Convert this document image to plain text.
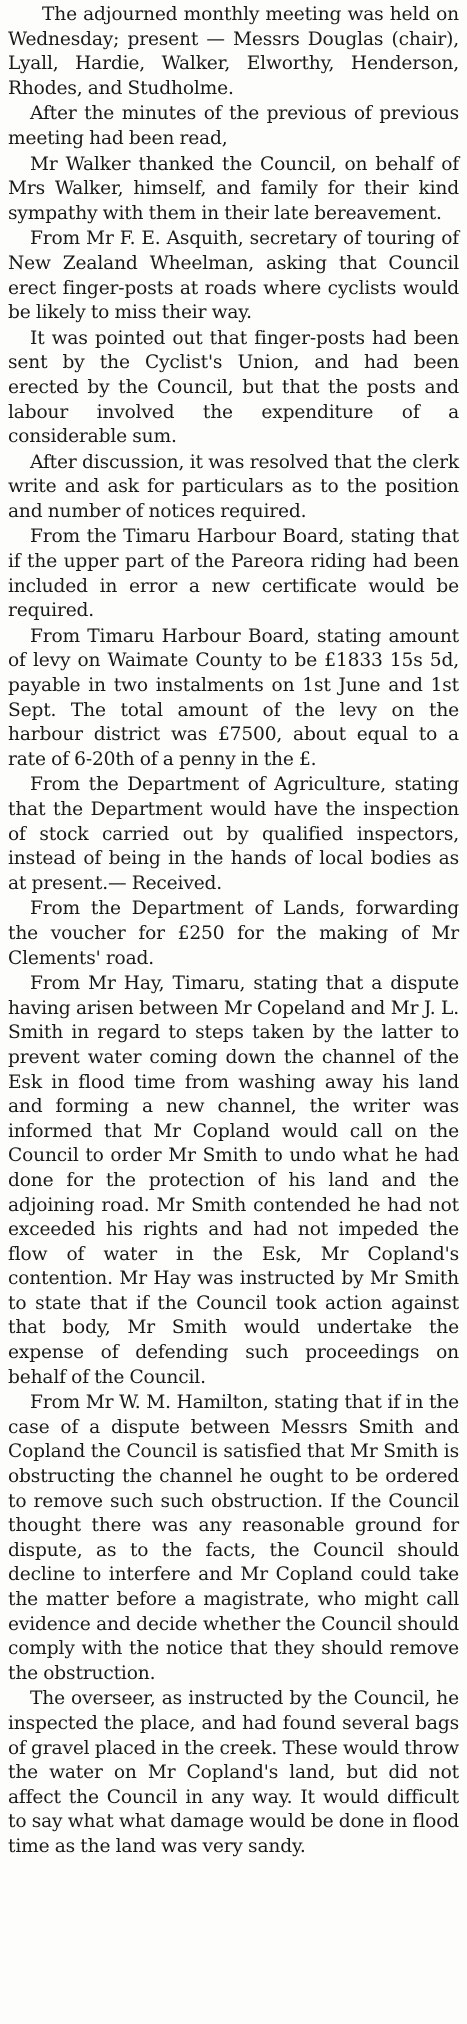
The adjourned monthly meeting was held on Wednesday; present — Messrs Douglas (chair), Lyall, Hardie, Walker, Elworthy, Henderson, Rhodes, and Studholme.

After the minutes of the previous of previous meeting had been read,

Mr Walker thanked the Council, on behalf of Mrs Walker, himself, and family for their kind sympathy with them in their late bereavement.

From Mr F. E. Asquith, secretary of touring of New Zealand Wheelman, asking that Council erect finger-posts at roads where cyclists would be likely to miss their way.

It was pointed out that finger-posts had been sent by the Cyclist's Union, and had been erected by the Council, but that the posts and labour involved the expenditure of a considerable sum.

After discussion, it was resolved that the clerk write and ask for particulars as to the position and number of notices required.

From the Timaru Harbour Board, stating that if the upper part of the Pareora riding had been included in error a new certificate would be required.

From Timaru Harbour Board, stating amount of levy on Waimate County to be £1833 15s 5d, payable in two instalments on 1st June and 1st Sept. The total amount of the levy on the harbour district was £7500, about equal to a rate of 6-20th of a penny in the £.

From the Department of Agriculture, stating that the Department would have the inspection of stock carried out by qualified inspectors, instead of being in the hands of local bodies as at present.— Received.

From the Department of Lands, forwarding the voucher for £250 for the making of Mr Clements' road.

From Mr Hay, Timaru, stating that a dispute having arisen between Mr Copeland and Mr J. L. Smith in regard to steps taken by the latter to prevent water coming down the channel of the Esk in flood time from washing away his land and forming a new channel, the writer was informed that Mr Copland would call on the Council to order Mr Smith to undo what he had done for the protection of his land and the adjoining road. Mr Smith contended he had not exceeded his rights and had not impeded the flow of water in the Esk, Mr Copland's contention. Mr Hay was instructed by Mr Smith to state that if the Council took action against that body, Mr Smith would undertake the expense of defending such proceedings on behalf of the Council.

From Mr W. M. Hamilton, stating that if in the case of a dispute between Messrs Smith and Copland the Council is satisfied that Mr Smith is obstructing the channel he ought to be ordered to remove such such obstruction. If the Council thought there was any reasonable ground for dispute, as to the facts, the Council should decline to interfere and Mr Copland could take the matter before a magistrate, who might call evidence and decide whether the Council should comply with the notice that they should remove the obstruction.

The overseer, as instructed by the Council, he inspected the place, and had found several bags of gravel placed in the creek. These would throw the water on Mr Copland's land, but did not affect the Council in any way. It would difficult to say what what damage would be done in flood time as the land was very sandy.
